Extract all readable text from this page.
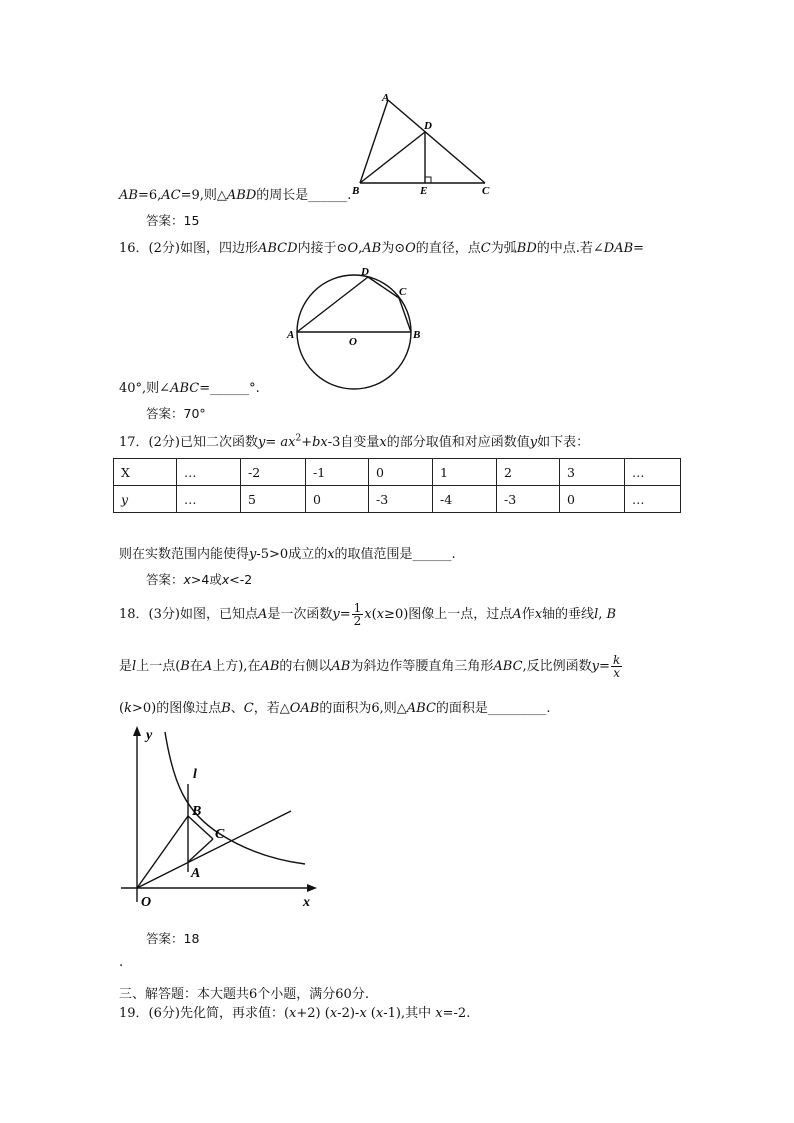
A
D
B	E	C
AB=6,AC=9,则△ABD的周长是______.
答案：15
16．(2分)如图，四边形ABCD内接于⊙O,AB为⊙O的直径，点C为弧BD的中点.若∠DAB=
D
C
A
O
B
40°,则∠ABC=______°.
答案：70°
17．(2分)已知二次函数$y= ax^2+bx-3$自变量x的部分取值和对应函数值y如下表：
X	…	-2	-1	0	1	2	3	…
y	…	5	0	-3	-4	-3	0	…
则在实数范围内能使得y-5>0成立的x的取值范围是______.
答案：x>4或x<-2
18．(3分)如图，已知点A是一次函数$y= \frac{1}{2} x(x\ge 0)$图像上一点，过点A作x轴的垂线l, B
是l上一点(B在A上方),在AB的右侧以AB为斜边作等腰直角三角形ABC,反比例函数$y= \frac{k}{x}$
(k>0)的图像过点B、C，若△OAB的面积为6,则△ABC的面积是_________.
y
l
B
C
A
O	x
答案：18
.
三、解答题：本大题共6个小题，满分60分.
19．(6分)先化简，再求值：(x+2) (x-2)-x (x-1),其中 x=-2.
